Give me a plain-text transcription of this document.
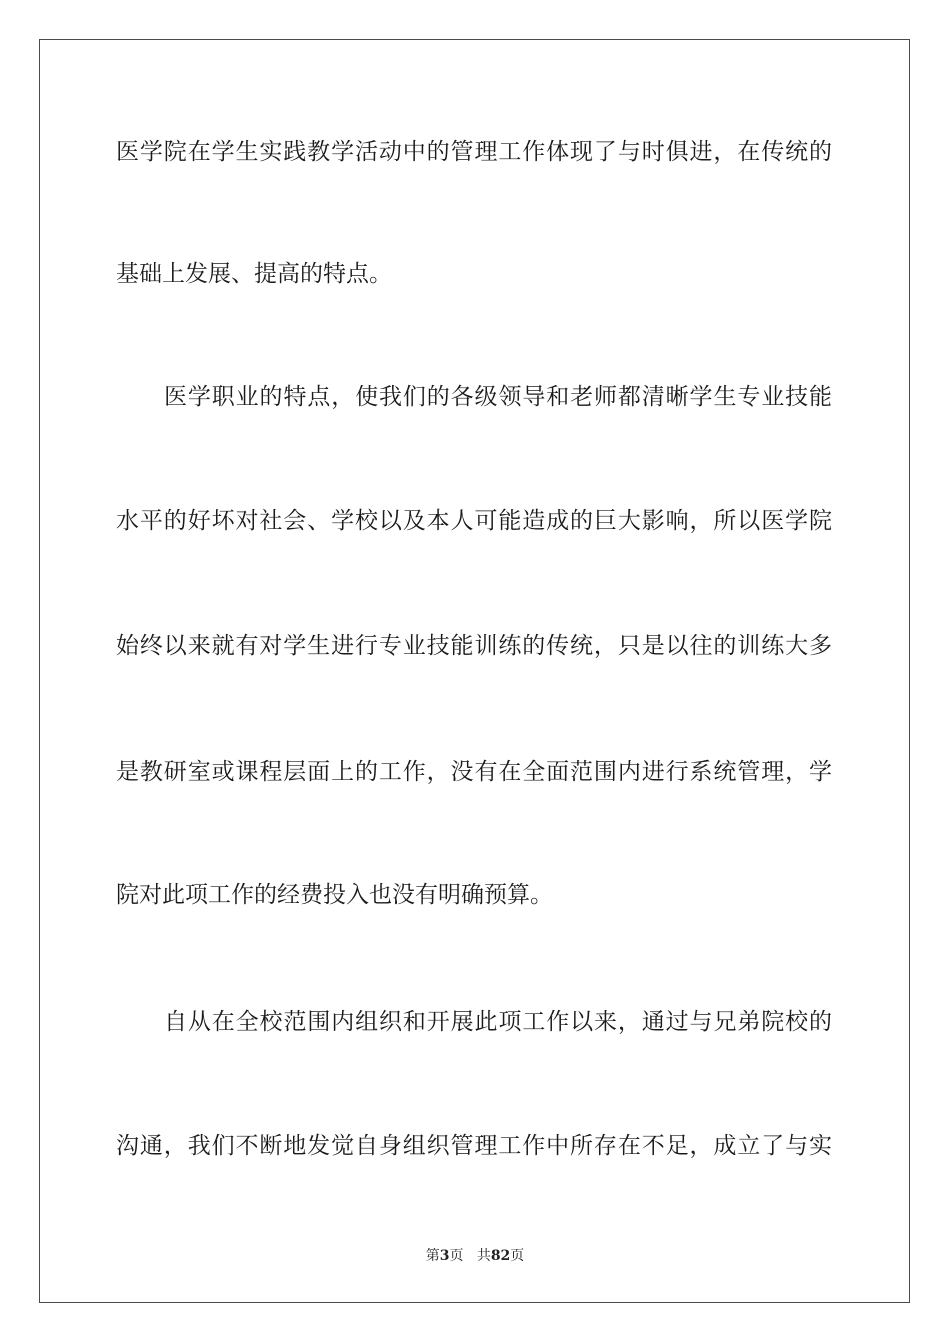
医学院在学生实践教学活动中的管理工作体现了与时俱进，在传统的
基础上发展、提高的特点。
医学职业的特点，使我们的各级领导和老师都清晰学生专业技能
水平的好坏对社会、学校以及本人可能造成的巨大影响，所以医学院
始终以来就有对学生进行专业技能训练的传统，只是以往的训练大多
是教研室或课程层面上的工作，没有在全面范围内进行系统管理，学
院对此项工作的经费投入也没有明确预算。
自从在全校范围内组织和开展此项工作以来，通过与兄弟院校的
沟通，我们不断地发觉自身组织管理工作中所存在不足，成立了与实
第3页 共82页
